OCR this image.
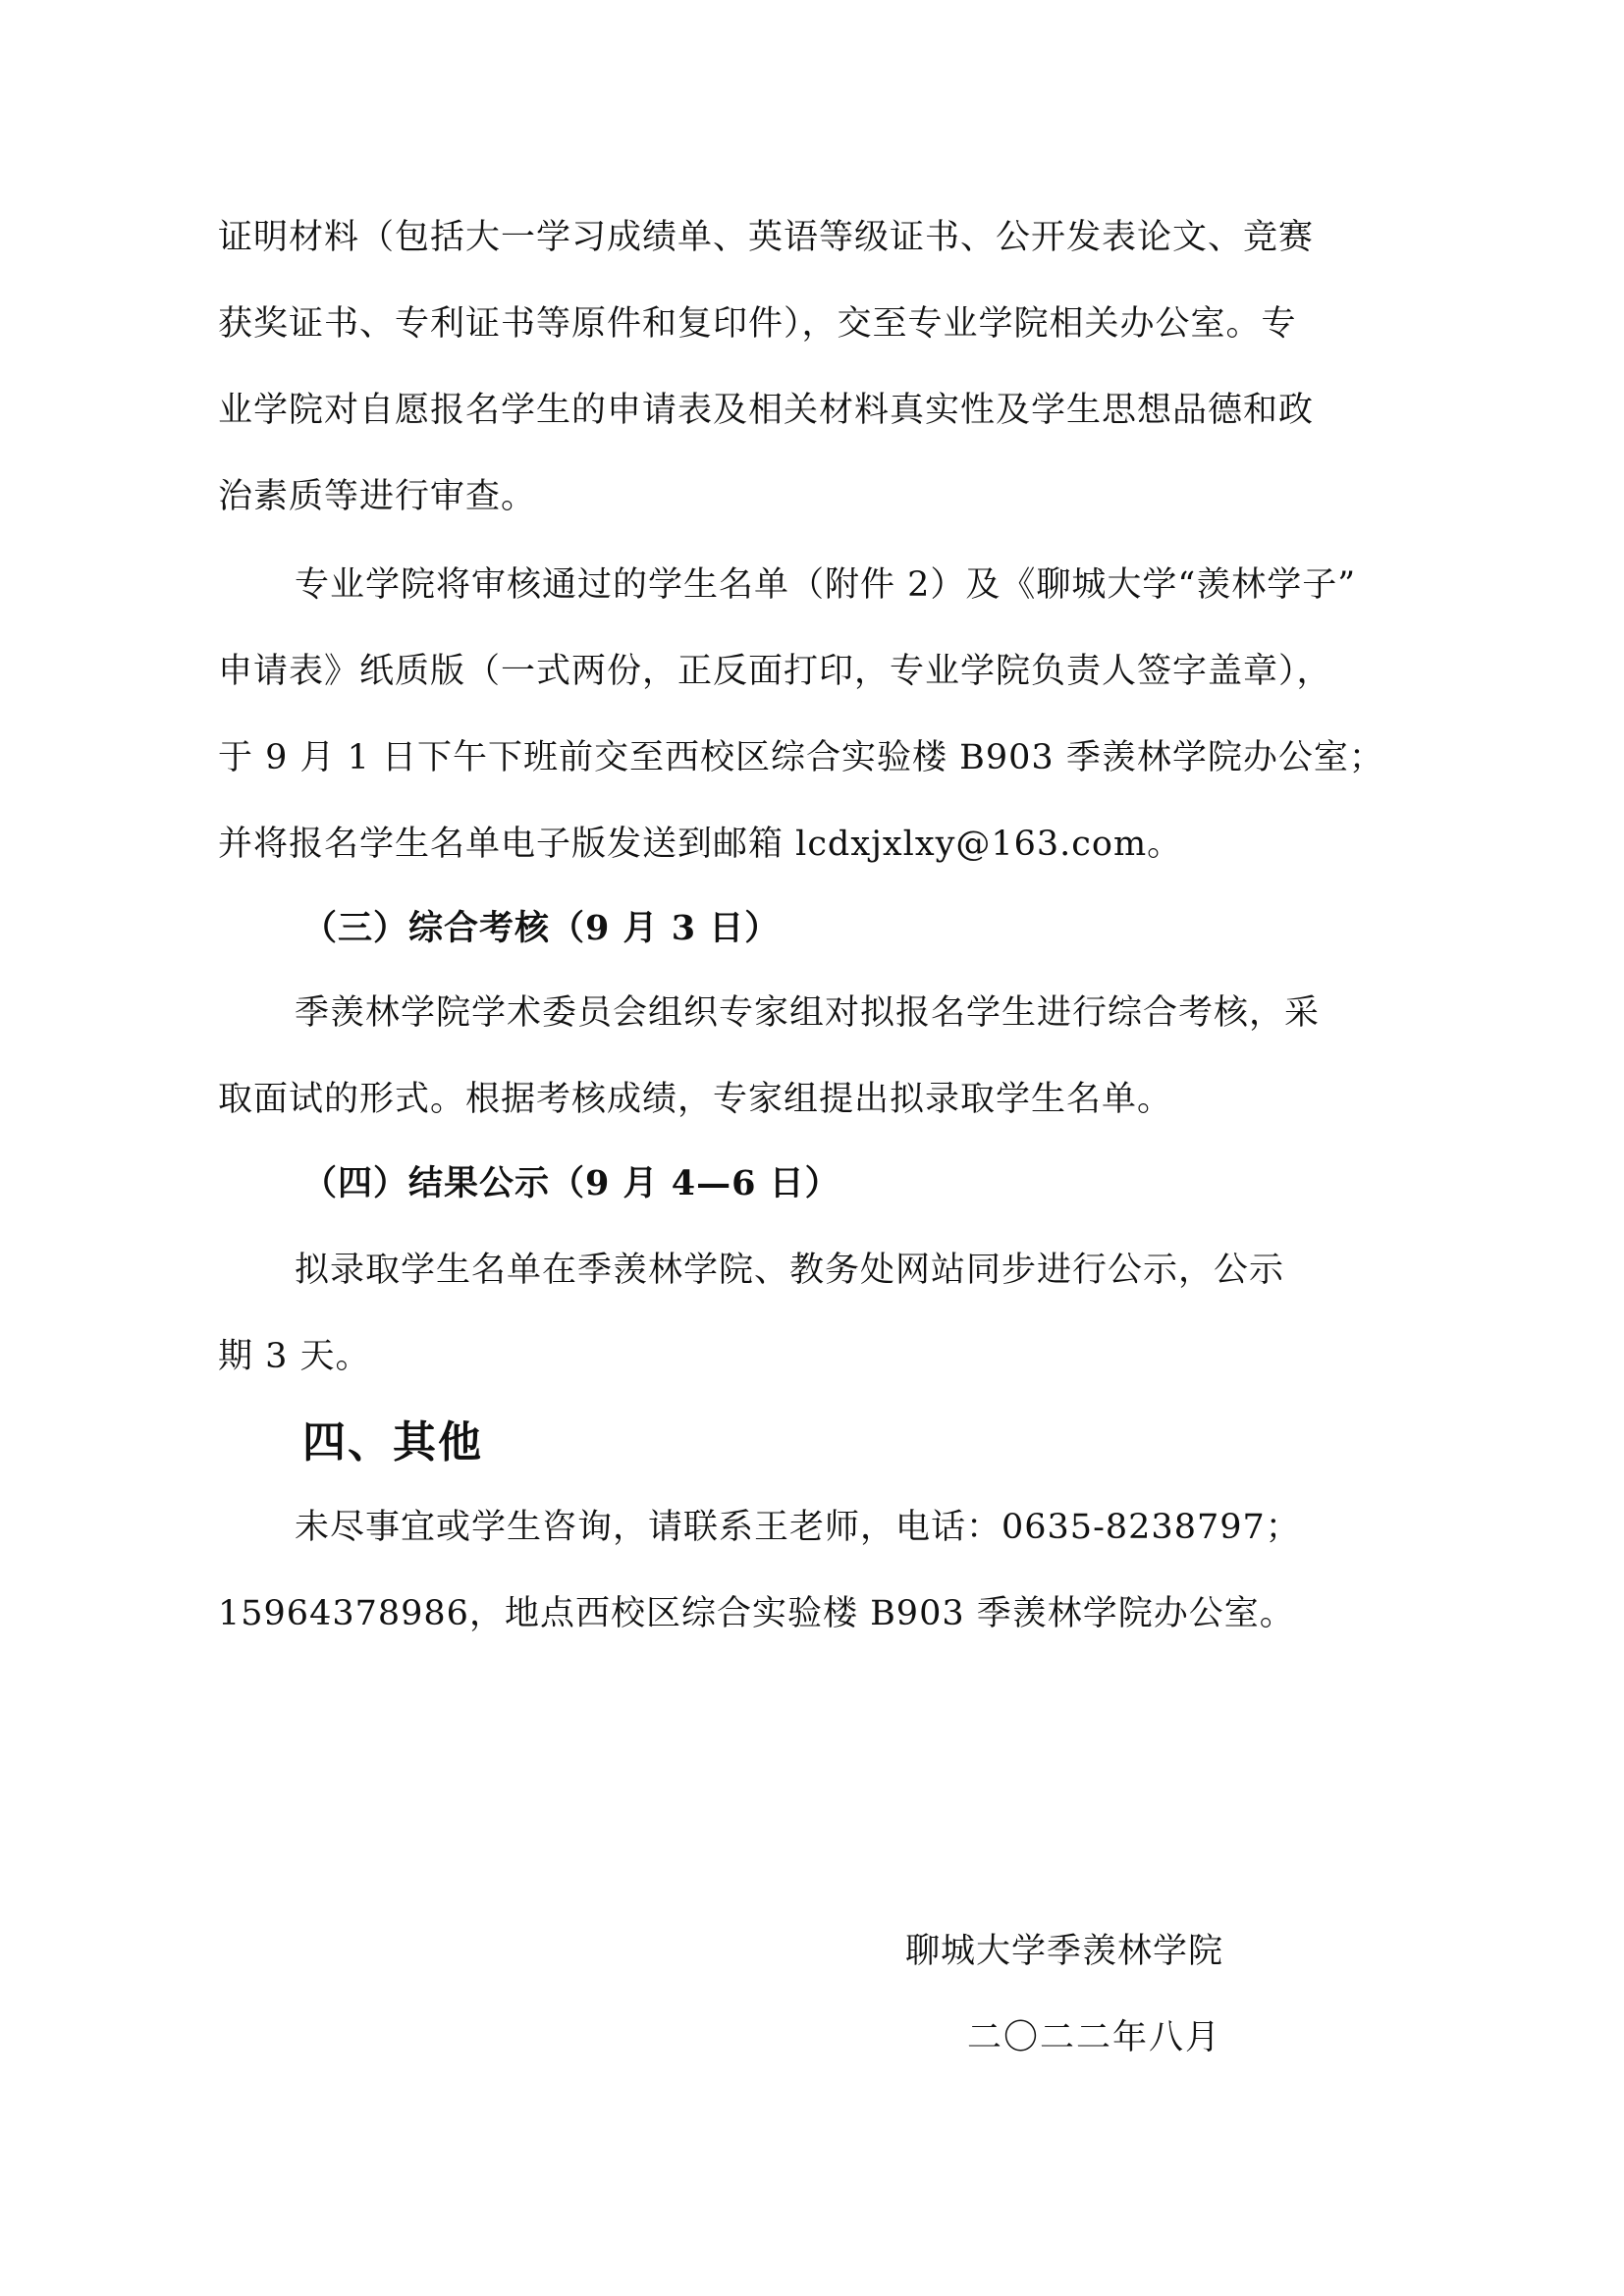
证明材料（包括大一学习成绩单、英语等级证书、公开发表论文、竞赛
获奖证书、专利证书等原件和复印件），交至专业学院相关办公室。专
业学院对自愿报名学生的申请表及相关材料真实性及学生思想品德和政
治素质等进行审查。
专业学院将审核通过的学生名单（附件 2）及《聊城大学“羡林学子”
申请表》纸质版（一式两份，正反面打印，专业学院负责人签字盖章），
于 9 月 1 日下午下班前交至西校区综合实验楼 B903 季羡林学院办公室；
并将报名学生名单电子版发送到邮箱 lcdxjxlxy@163.com。
（三）综合考核（9 月 3 日）
季羡林学院学术委员会组织专家组对拟报名学生进行综合考核，采
取面试的形式。根据考核成绩，专家组提出拟录取学生名单。
（四）结果公示（9 月 4—6 日）
拟录取学生名单在季羡林学院、教务处网站同步进行公示，公示
期 3 天。
四、其他
未尽事宜或学生咨询，请联系王老师，电话：0635-8238797；
15964378986，地点西校区综合实验楼 B903 季羡林学院办公室。
聊城大学季羡林学院
二〇二二年八月
